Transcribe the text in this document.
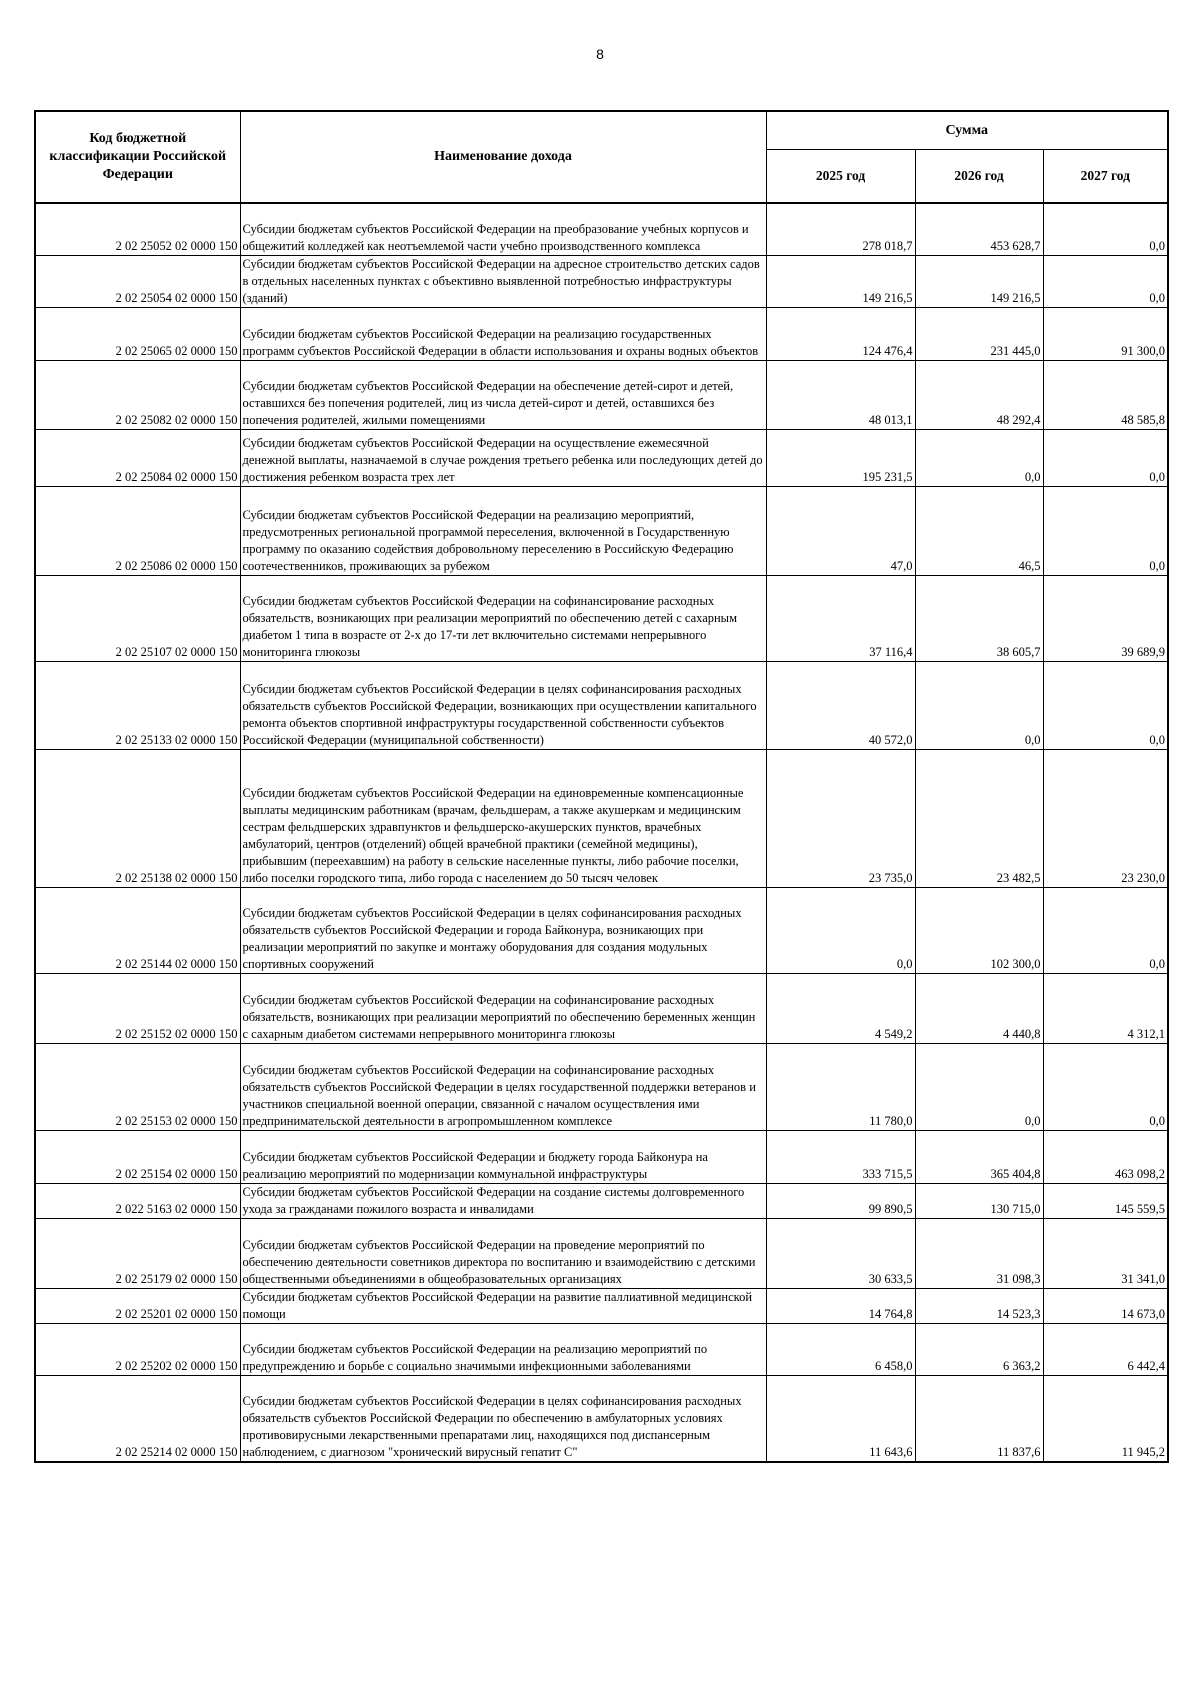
8
Код бюджетной классификации Российской Федерации	Наименование дохода	Сумма		
		2025 год	2026 год	2027 год
2 02 25052 02 0000 150	Субсидии бюджетам субъектов Российской Федерации на преобразование учебных корпусов и общежитий колледжей как неотъемлемой части учебно производственного комплекса	278 018,7	453 628,7	0,0
2 02 25054 02 0000 150	Субсидии бюджетам субъектов Российской Федерации на адресное строительство детских садов в отдельных населенных пунктах с объективно выявленной потребностью инфраструктуры (зданий)	149 216,5	149 216,5	0,0
2 02 25065 02 0000 150	Субсидии бюджетам субъектов Российской Федерации на реализацию государственных программ субъектов Российской Федерации в области использования и охраны водных объектов	124 476,4	231 445,0	91 300,0
2 02 25082 02 0000 150	Субсидии бюджетам субъектов Российской Федерации на обеспечение детей-сирот и детей, оставшихся без попечения родителей, лиц из числа детей-сирот и детей, оставшихся без попечения родителей, жилыми помещениями	48 013,1	48 292,4	48 585,8
2 02 25084 02 0000 150	Субсидии бюджетам субъектов Российской Федерации на осуществление ежемесячной денежной выплаты, назначаемой в случае рождения третьего ребенка или последующих детей до достижения ребенком возраста трех лет	195 231,5	0,0	0,0
2 02 25086 02 0000 150	Субсидии бюджетам субъектов Российской Федерации на реализацию мероприятий, предусмотренных региональной программой переселения, включенной в Государственную программу по оказанию содействия добровольному переселению в Российскую Федерацию соотечественников, проживающих за рубежом	47,0	46,5	0,0
2 02 25107 02 0000 150	Субсидии бюджетам субъектов Российской Федерации на софинансирование расходных обязательств, возникающих при реализации мероприятий по обеспечению детей с сахарным диабетом 1 типа в возрасте от 2-х до 17-ти лет включительно системами непрерывного мониторинга глюкозы	37 116,4	38 605,7	39 689,9
2 02 25133 02 0000 150	Субсидии бюджетам субъектов Российской Федерации в целях софинансирования расходных обязательств субъектов Российской Федерации, возникающих при осуществлении капитального ремонта объектов спортивной инфраструктуры государственной собственности субъектов Российской Федерации (муниципальной собственности)	40 572,0	0,0	0,0
2 02 25138 02 0000 150	Субсидии бюджетам субъектов Российской Федерации на единовременные компенсационные выплаты медицинским работникам (врачам, фельдшерам, а также акушеркам и медицинским сестрам фельдшерских здравпунктов и фельдшерско-акушерских пунктов, врачебных амбулаторий, центров (отделений) общей врачебной практики (семейной медицины), прибывшим (переехавшим) на работу в сельские населенные пункты, либо рабочие поселки, либо поселки городского типа, либо города с населением до 50 тысяч человек	23 735,0	23 482,5	23 230,0
2 02 25144 02 0000 150	Субсидии бюджетам субъектов Российской Федерации в целях софинансирования расходных обязательств субъектов Российской Федерации и города Байконура, возникающих при реализации мероприятий по закупке и монтажу оборудования для создания модульных спортивных сооружений	0,0	102 300,0	0,0
2 02 25152 02 0000 150	Субсидии бюджетам субъектов Российской Федерации на софинансирование расходных обязательств, возникающих при реализации мероприятий по обеспечению беременных женщин с сахарным диабетом системами непрерывного мониторинга глюкозы	4 549,2	4 440,8	4 312,1
2 02 25153 02 0000 150	Субсидии бюджетам субъектов Российской Федерации на софинансирование расходных обязательств субъектов Российской Федерации в целях государственной поддержки ветеранов и участников специальной военной операции, связанной с началом осуществления ими предпринимательской деятельности в агропромышленном комплексе	11 780,0	0,0	0,0
2 02 25154 02 0000 150	Субсидии бюджетам субъектов Российской Федерации и бюджету города Байконура на реализацию мероприятий по модернизации коммунальной инфраструктуры	333 715,5	365 404,8	463 098,2
2 022 5163 02 0000 150	Субсидии бюджетам субъектов Российской Федерации на создание системы долговременного ухода за гражданами пожилого возраста и инвалидами	99 890,5	130 715,0	145 559,5
2 02 25179 02 0000 150	Субсидии бюджетам субъектов Российской Федерации на проведение мероприятий по обеспечению деятельности советников директора по воспитанию и взаимодействию с детскими общественными объединениями в общеобразовательных организациях	30 633,5	31 098,3	31 341,0
2 02 25201 02 0000 150	Субсидии бюджетам субъектов Российской Федерации на развитие паллиативной медицинской помощи	14 764,8	14 523,3	14 673,0
2 02 25202 02 0000 150	Субсидии бюджетам субъектов Российской Федерации на реализацию мероприятий по предупреждению и борьбе с социально значимыми инфекционными заболеваниями	6 458,0	6 363,2	6 442,4
2 02 25214 02 0000 150	Субсидии бюджетам субъектов Российской Федерации в целях софинансирования расходных обязательств субъектов Российской Федерации по обеспечению в амбулаторных условиях противовирусными лекарственными препаратами лиц, находящихся под диспансерным наблюдением, с диагнозом "хронический вирусный гепатит С"	11 643,6	11 837,6	11 945,2
